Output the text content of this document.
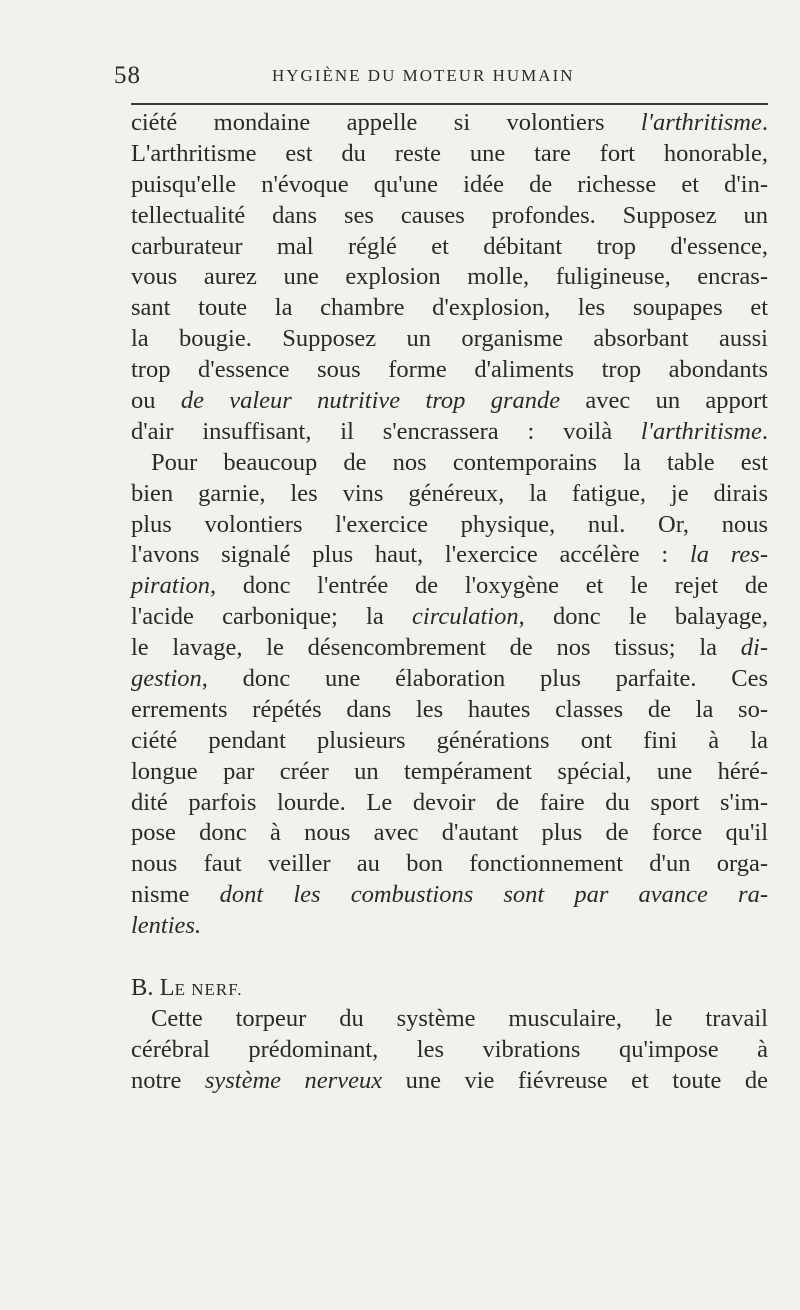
58	HYGIÈNE DU MOTEUR HUMAIN
ciété mondaine appelle si volontiers l'arthritisme.
L'arthritisme est du reste une tare fort honorable,
puisqu'elle n'évoque qu'une idée de richesse et d'in-
tellectualité dans ses causes profondes. Supposez un
carburateur mal réglé et débitant trop d'essence,
vous aurez une explosion molle, fuligineuse, encras-
sant toute la chambre d'explosion, les soupapes et
la bougie. Supposez un organisme absorbant aussi
trop d'essence sous forme d'aliments trop abondants
ou de valeur nutritive trop grande avec un apport
d'air insuffisant, il s'encrassera : voilà l'arthritisme.
Pour beaucoup de nos contemporains la table est
bien garnie, les vins généreux, la fatigue, je dirais
plus volontiers l'exercice physique, nul. Or, nous
l'avons signalé plus haut, l'exercice accélère : la res-
piration, donc l'entrée de l'oxygène et le rejet de
l'acide carbonique; la circulation, donc le balayage,
le lavage, le désencombrement de nos tissus; la di-
gestion, donc une élaboration plus parfaite. Ces
errements répétés dans les hautes classes de la so-
ciété pendant plusieurs générations ont fini à la
longue par créer un tempérament spécial, une héré-
dité parfois lourde. Le devoir de faire du sport s'im-
pose donc à nous avec d'autant plus de force qu'il
nous faut veiller au bon fonctionnement d'un orga-
nisme dont les combustions sont par avance ra-
lenties.
B. LE NERF.
Cette torpeur du système musculaire, le travail
cérébral prédominant, les vibrations qu'impose à
notre système nerveux une vie fiévreuse et toute de
